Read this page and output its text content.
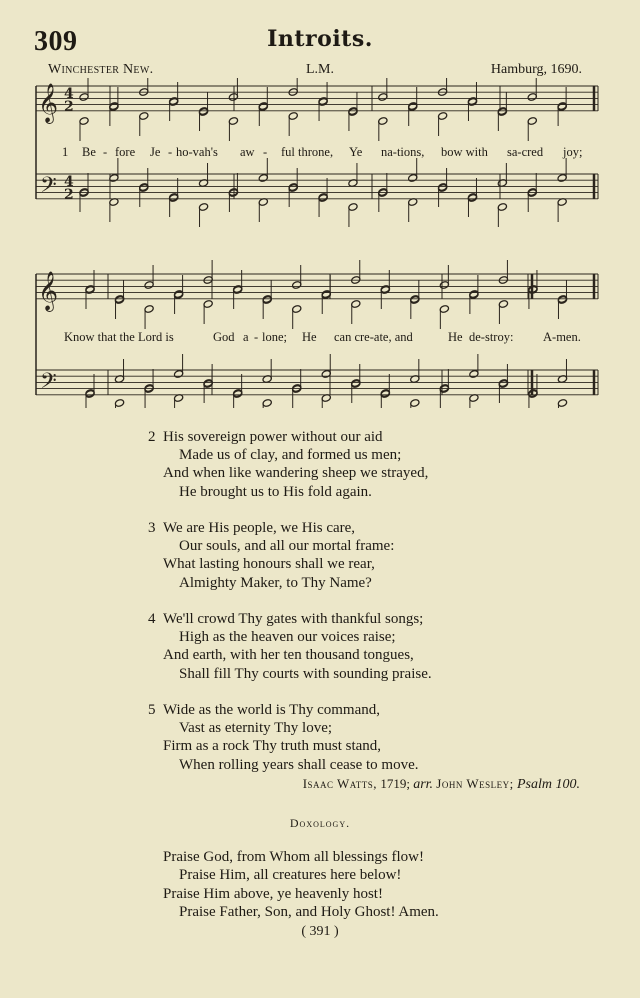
309	Introits.
Winchester New.	L.M.	Hamburg, 1690.
𝄞
𝄢
4
2
4
2
𝄞
𝄢
1 Be - fore Je - ho-vah's aw - ful throne, Ye na-tions, bow with sa-cred joy;
Know that the Lord is	God a - lone; He can cre-ate, and	He de-stroy: A-men.
2 His sovereign power without our aid
Made us of clay, and formed us men;
And when like wandering sheep we strayed,
He brought us to His fold again.
3 We are His people, we His care,
Our souls, and all our mortal frame:
What lasting honours shall we rear,
Almighty Maker, to Thy Name?
4 We'll crowd Thy gates with thankful songs;
High as the heaven our voices raise;
And earth, with her ten thousand tongues,
Shall fill Thy courts with sounding praise.
5 Wide as the world is Thy command,
Vast as eternity Thy love;
Firm as a rock Thy truth must stand,
When rolling years shall cease to move.
Isaac Watts, 1719; arr. John Wesley; Psalm 100.
Doxology.
Praise God, from Whom all blessings flow!
Praise Him, all creatures here below!
Praise Him above, ye heavenly host!
Praise Father, Son, and Holy Ghost! Amen.
( 391 )
